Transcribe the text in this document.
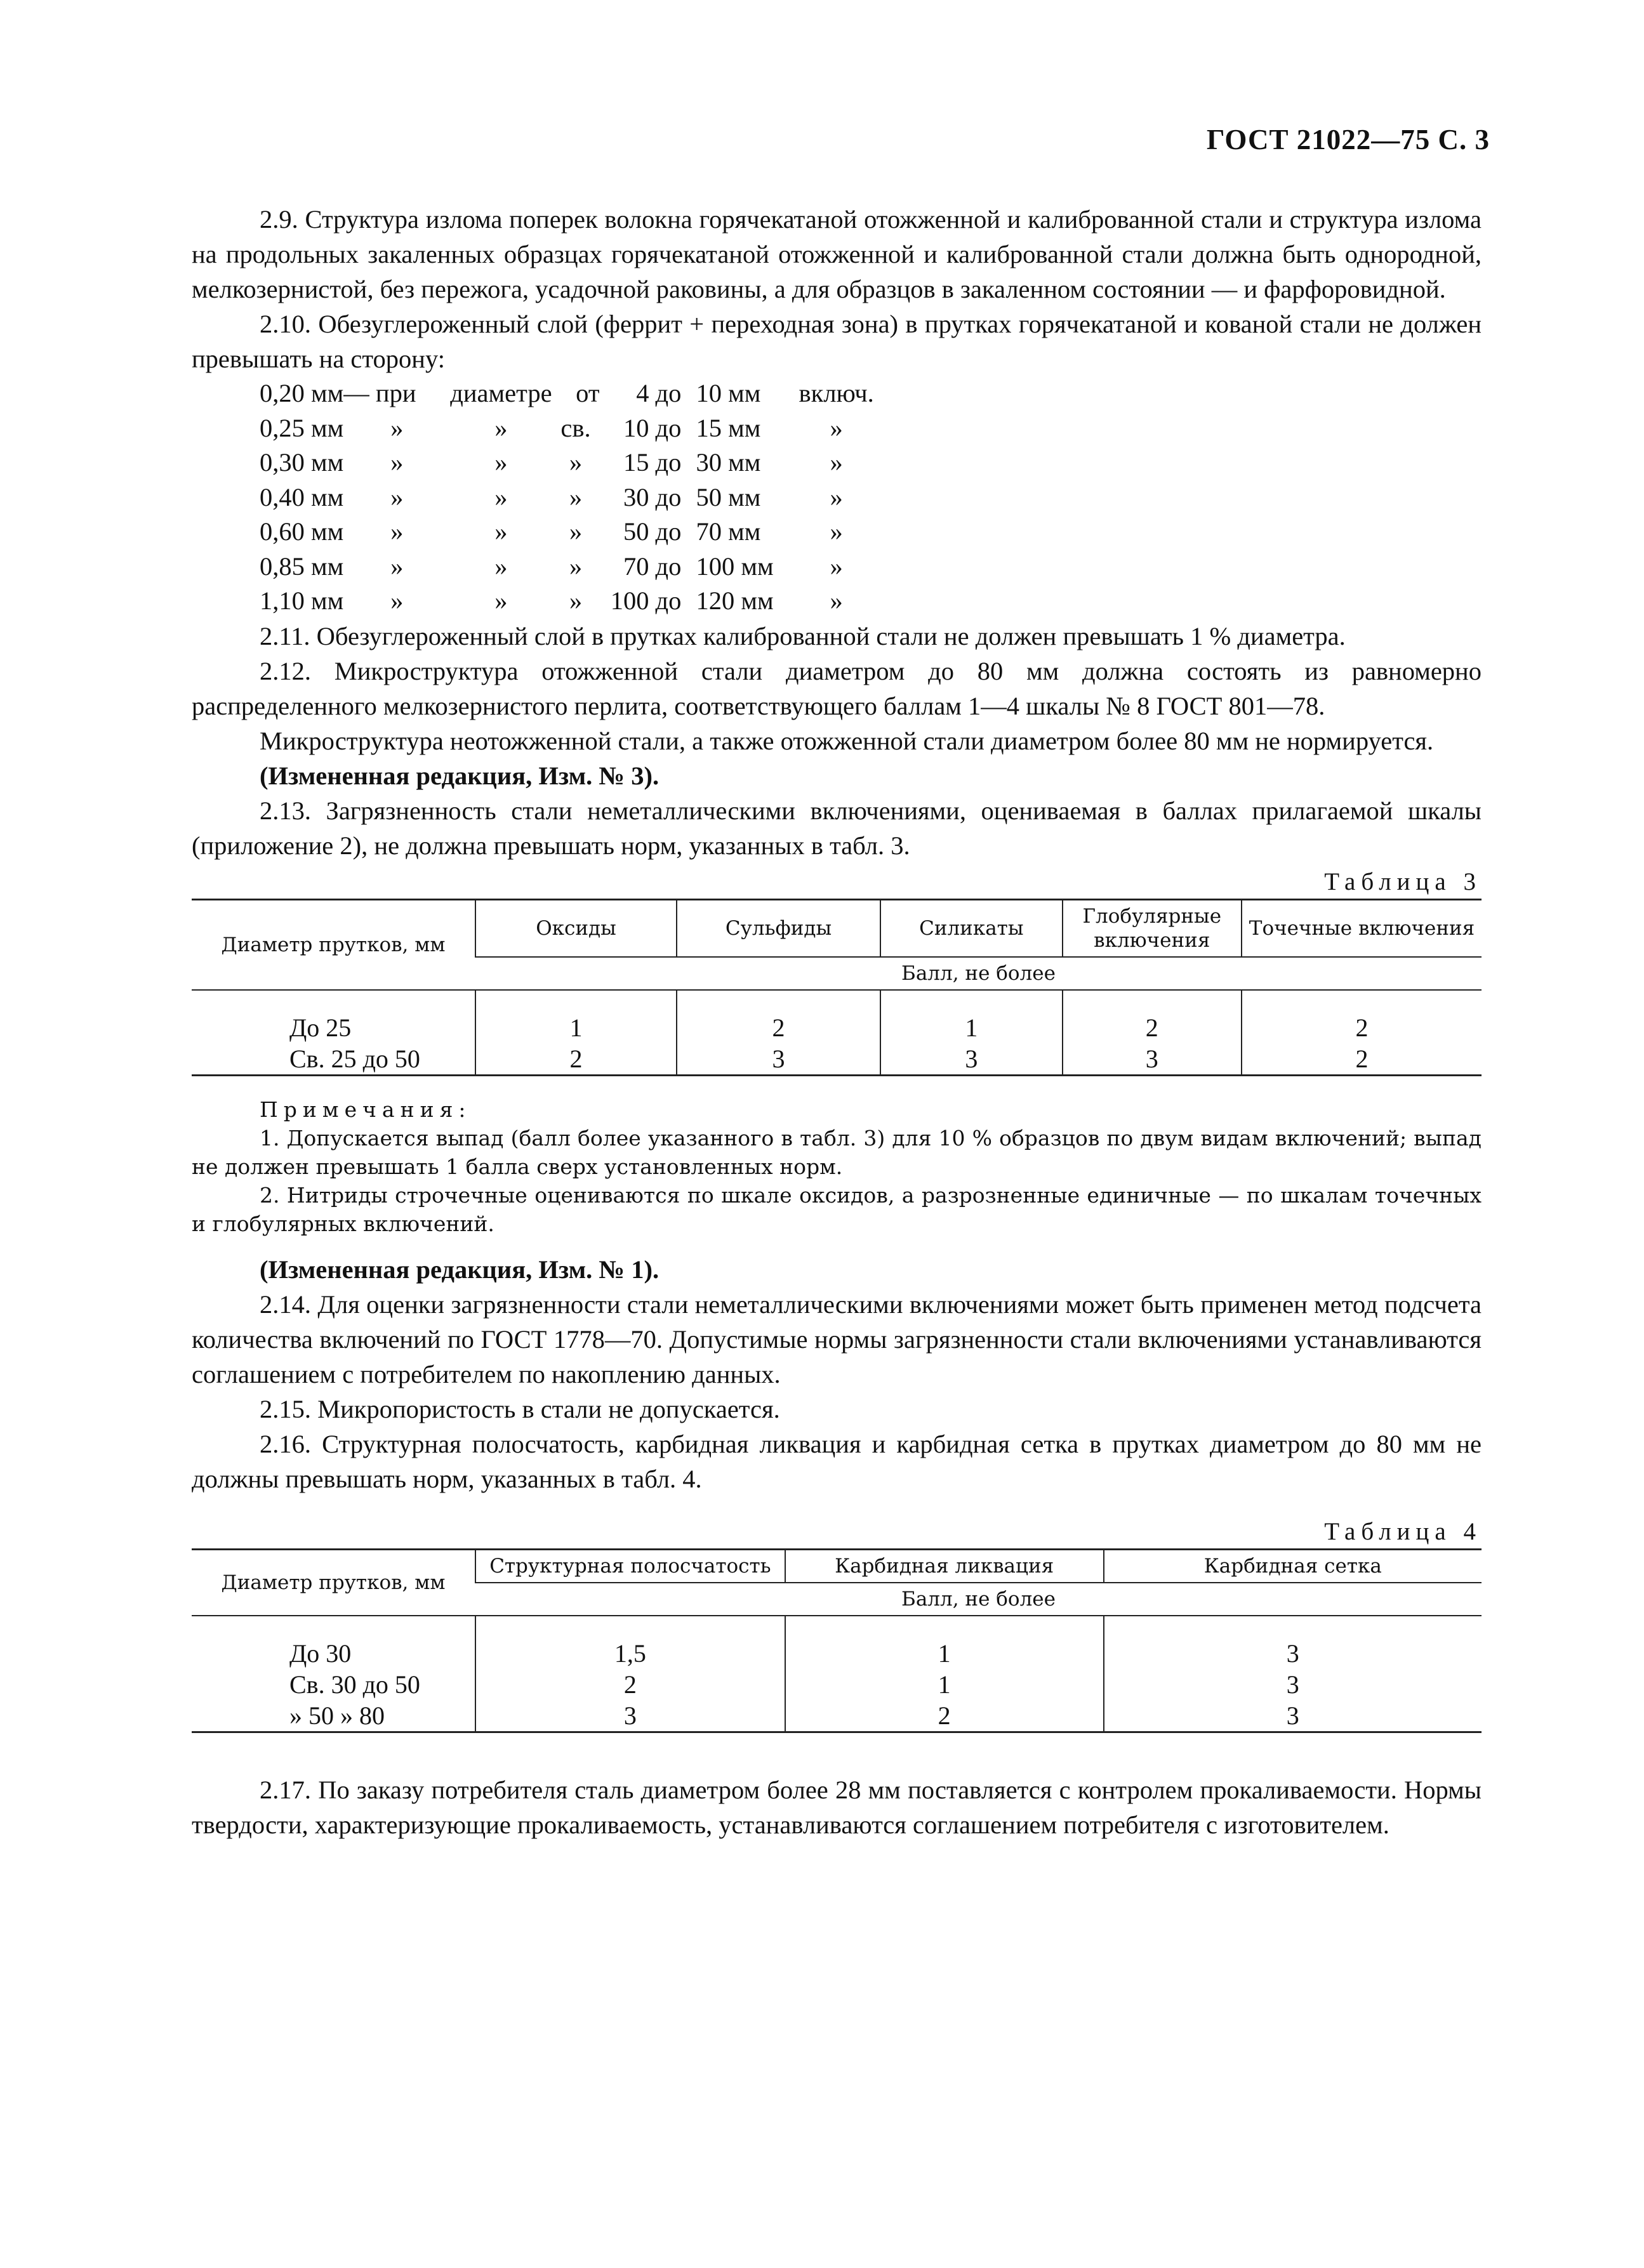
ГОСТ 21022—75 С. 3

2.9. Структура излома поперек волокна горячекатаной отожженной и калиброванной стали и структура излома на продольных закаленных образцах горячекатаной отожженной и калиброванной стали должна быть однородной, мелкозернистой, без пережога, усадочной раковины, а для образцов в закаленном состоянии — и фарфоровидной.

2.10. Обезуглероженный слой (феррит + переходная зона) в прутках горячекатаной и кованой стали не должен превышать на сторону:

0,20 мм	— при	диаметре	от	4	до	10 мм	включ.
0,25 мм	»	»	св.	10	до	15 мм	»
0,30 мм	»	»	»	15	до	30 мм	»
0,40 мм	»	»	»	30	до	50 мм	»
0,60 мм	»	»	»	50	до	70 мм	»
0,85 мм	»	»	»	70	до	100 мм	»
1,10 мм	»	»	»	100	до	120 мм	»

2.11. Обезуглероженный слой в прутках калиброванной стали не должен превышать 1 % диаметра.

2.12. Микроструктура отожженной стали диаметром до 80 мм должна состоять из равномерно распределенного мелкозернистого перлита, соответствующего баллам 1—4 шкалы № 8 ГОСТ 801—78.

Микроструктура неотожженной стали, а также отожженной стали диаметром более 80 мм не нормируется.

(Измененная редакция, Изм. № 3).

2.13. Загрязненность стали неметаллическими включениями, оцениваемая в баллах прилагаемой шкалы (приложение 2), не должна превышать норм, указанных в табл. 3.

Таблица 3
Диаметр прутков, мм	Оксиды	Сульфиды	Силикаты	Глобулярные включения	Точечные включения
	Балл, не более				
До 25	1	2	1	2	2
Св. 25 до 50	2	3	3	3	2

Примечания:

1. Допускается выпад (балл более указанного в табл. 3) для 10 % образцов по двум видам включений; выпад не должен превышать 1 балла сверх установленных норм.

2. Нитриды строчечные оцениваются по шкале оксидов, а разрозненные единичные — по шкалам точечных и глобулярных включений.

(Измененная редакция, Изм. № 1).

2.14. Для оценки загрязненности стали неметаллическими включениями может быть применен метод подсчета количества включений по ГОСТ 1778—70. Допустимые нормы загрязненности стали включениями устанавливаются соглашением с потребителем по накоплению данных.

2.15. Микропористость в стали не допускается.

2.16. Структурная полосчатость, карбидная ликвация и карбидная сетка в прутках диаметром до 80 мм не должны превышать норм, указанных в табл. 4.

Таблица 4
Диаметр прутков, мм	Структурная полосчатость	Карбидная ликвация	Карбидная сетка
	Балл, не более		
До 30	1,5	1	3
Св. 30 до 50	2	1	3
» 50 » 80	3	2	3

2.17. По заказу потребителя сталь диаметром более 28 мм поставляется с контролем прокаливаемости. Нормы твердости, характеризующие прокаливаемость, устанавливаются соглашением потребителя с изготовителем.
